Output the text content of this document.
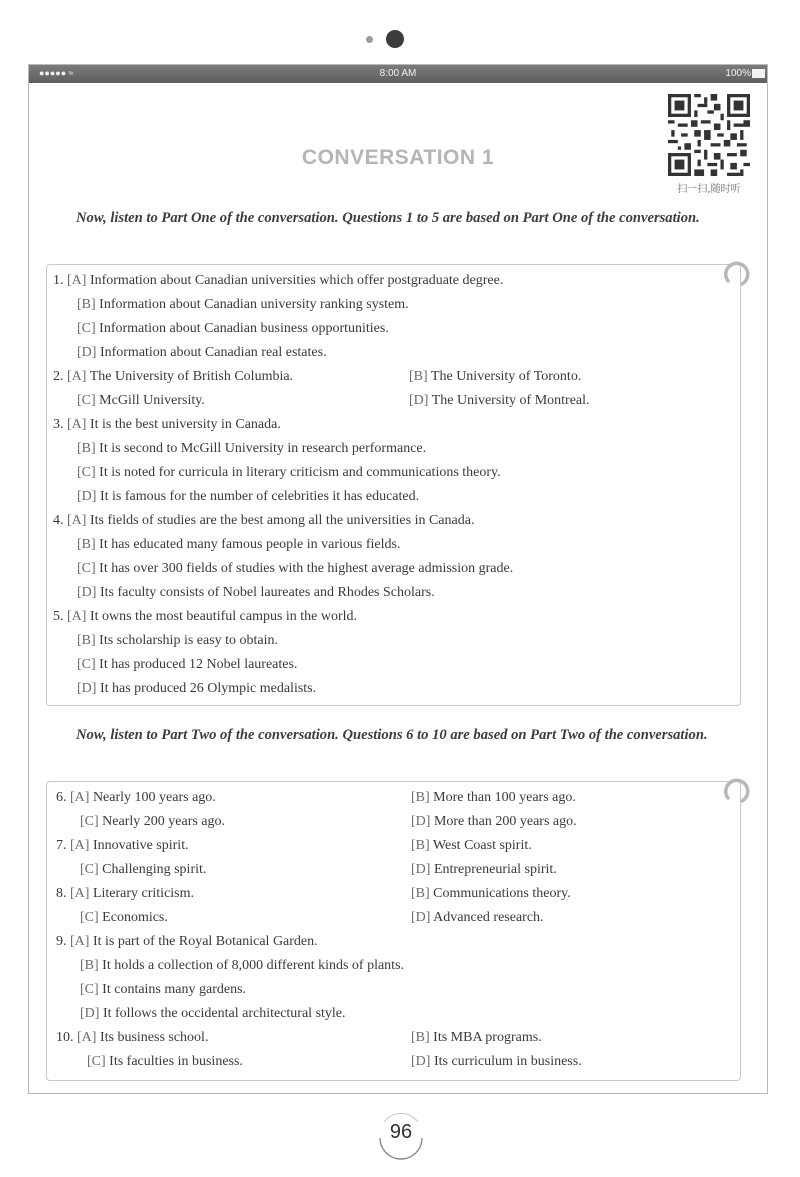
●●●●● ≈	8:00 AM	100%
CONVERSATION 1
扫一扫,随时听
Now, listen to Part One of the conversation. Questions 1 to 5 are based on Part One of the conversation.
1. [A] Information about Canadian universities which offer postgraduate degree.
[B] Information about Canadian university ranking system.
[C] Information about Canadian business opportunities.
[D] Information about Canadian real estates.
2. [A] The University of British Columbia.	[B] The University of Toronto.
[C] McGill University.	[D] The University of Montreal.
3. [A] It is the best university in Canada.
[B] It is second to McGill University in research performance.
[C] It is noted for curricula in literary criticism and communications theory.
[D] It is famous for the number of celebrities it has educated.
4. [A] Its fields of studies are the best among all the universities in Canada.
[B] It has educated many famous people in various fields.
[C] It has over 300 fields of studies with the highest average admission grade.
[D] Its faculty consists of Nobel laureates and Rhodes Scholars.
5. [A] It owns the most beautiful campus in the world.
[B] Its scholarship is easy to obtain.
[C] It has produced 12 Nobel laureates.
[D] It has produced 26 Olympic medalists.
Now, listen to Part Two of the conversation. Questions 6 to 10 are based on Part Two of the conversation.
6. [A] Nearly 100 years ago.	[B] More than 100 years ago.
[C] Nearly 200 years ago.	[D] More than 200 years ago.
7. [A] Innovative spirit.	[B] West Coast spirit.
[C] Challenging spirit.	[D] Entrepreneurial spirit.
8. [A] Literary criticism.	[B] Communications theory.
[C] Economics.	[D] Advanced research.
9. [A] It is part of the Royal Botanical Garden.
[B] It holds a collection of 8,000 different kinds of plants.
[C] It contains many gardens.
[D] It follows the occidental architectural style.
10. [A] Its business school.	[B] Its MBA programs.
[C] Its faculties in business.	[D] Its curriculum in business.
96
